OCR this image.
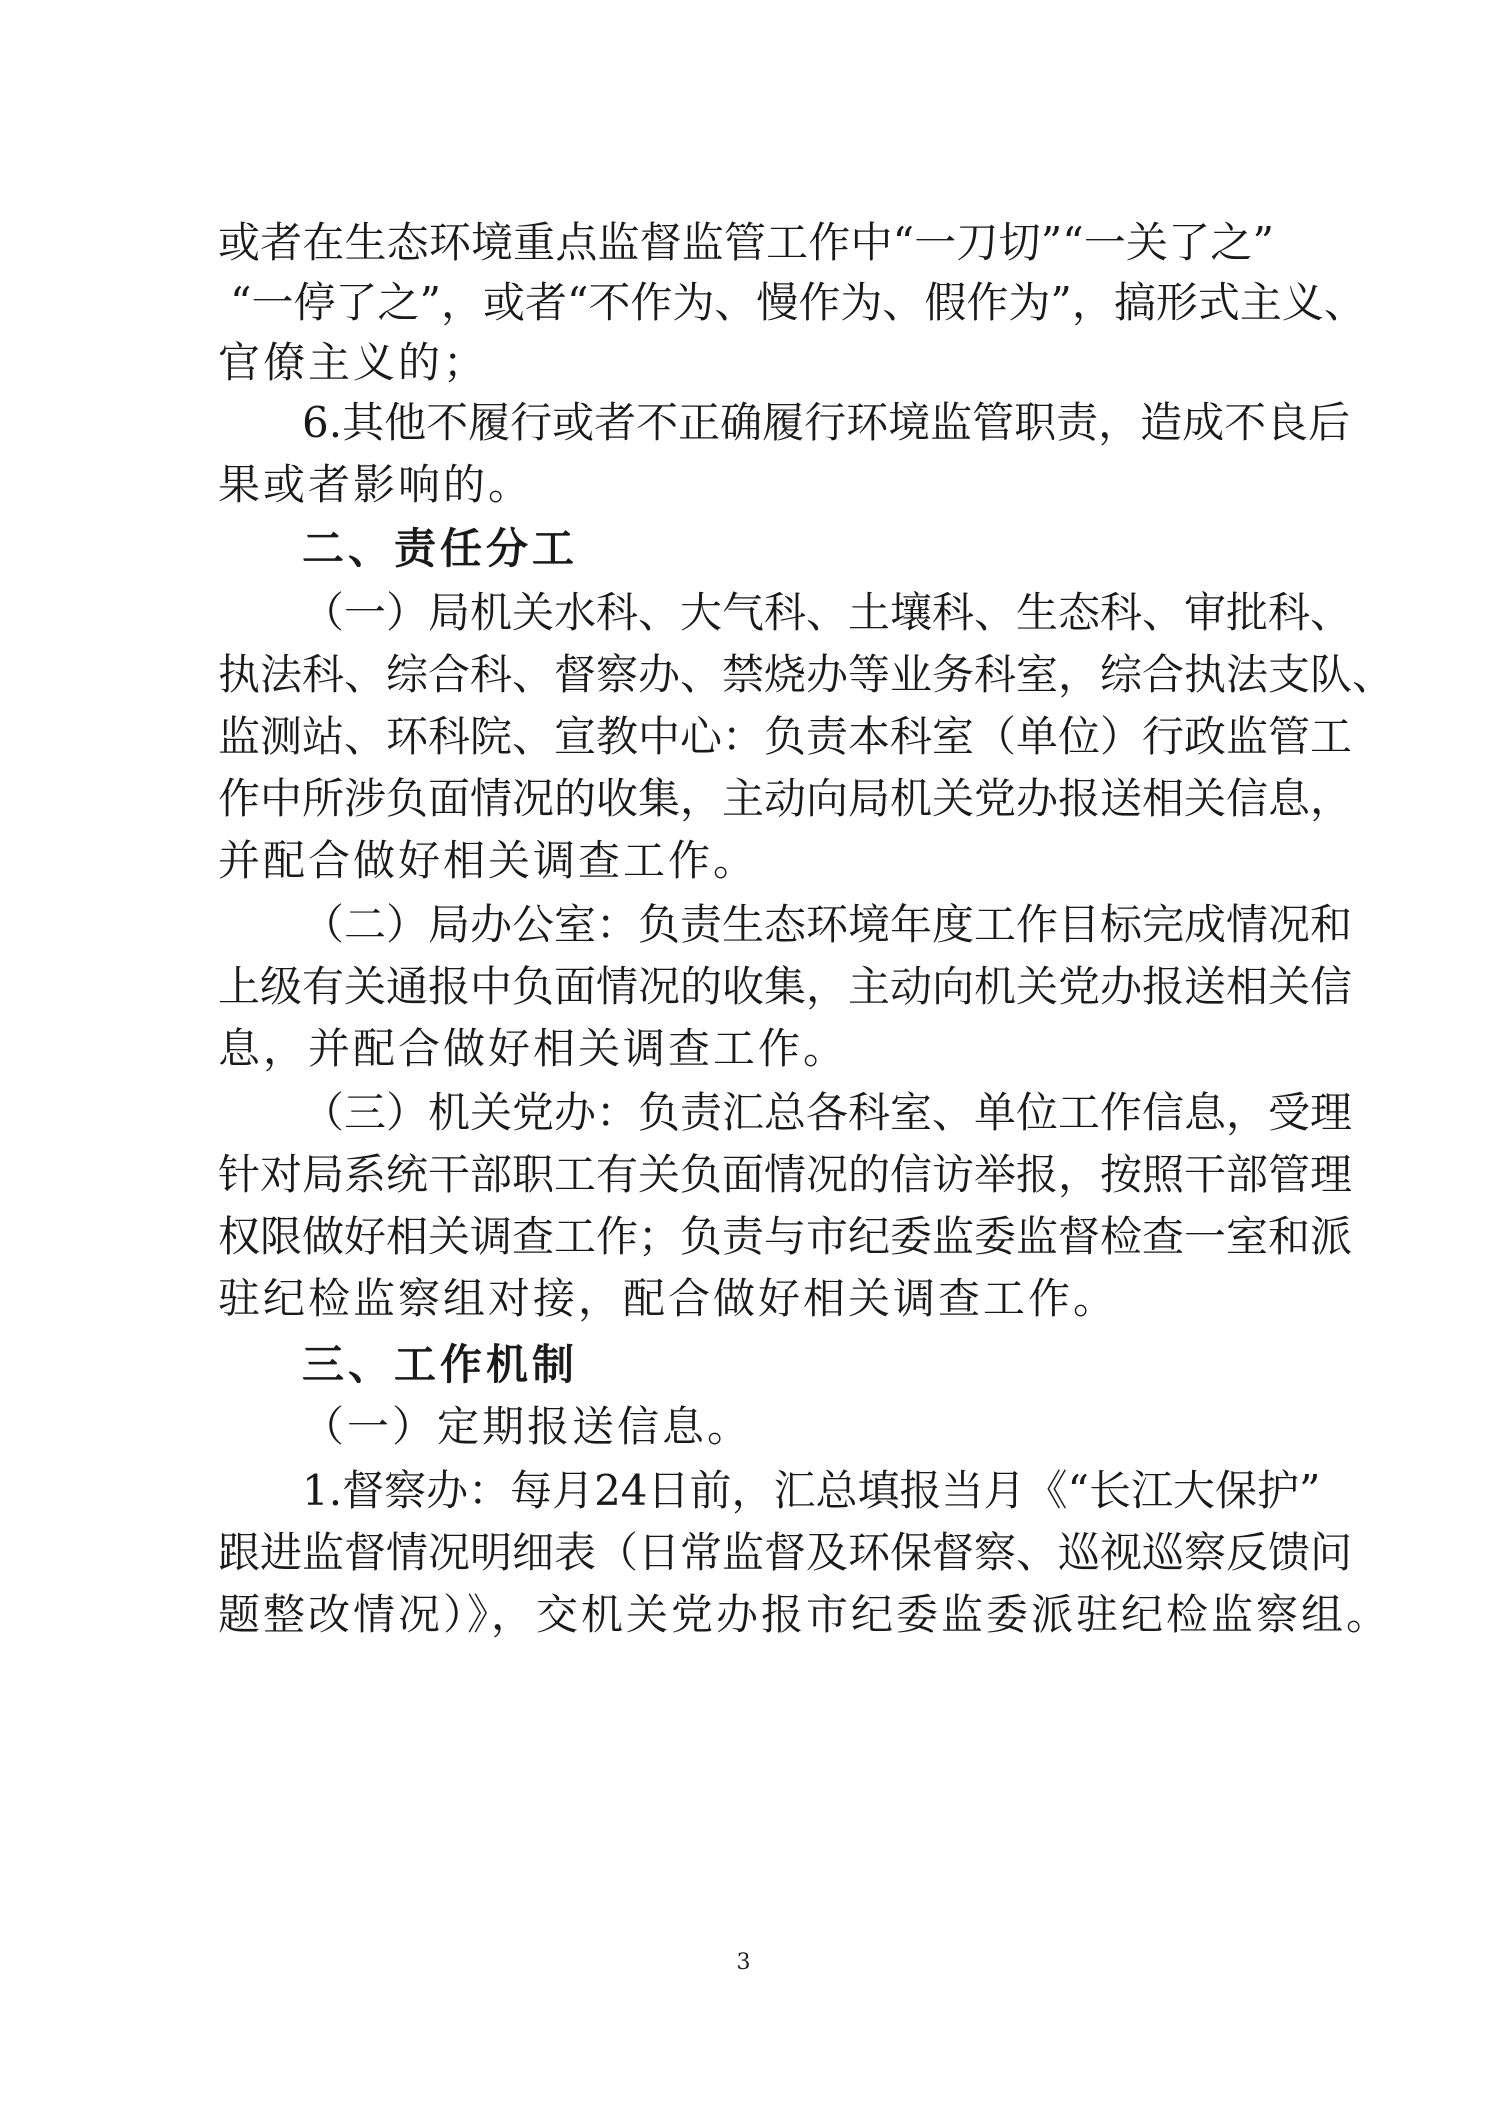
或者在生态环境重点监督监管工作中“一刀切”“一关了之”
“一停了之”，或者“不作为、慢作为、假作为”，搞形式主义、
官僚主义的；
6.其他不履行或者不正确履行环境监管职责，造成不良后
果或者影响的。
二、责任分工
（一）局机关水科、大气科、土壤科、生态科、审批科、
执法科、综合科、督察办、禁烧办等业务科室，综合执法支队、
监测站、环科院、宣教中心：负责本科室（单位）行政监管工
作中所涉负面情况的收集，主动向局机关党办报送相关信息，
并配合做好相关调查工作。
（二）局办公室：负责生态环境年度工作目标完成情况和
上级有关通报中负面情况的收集，主动向机关党办报送相关信
息，并配合做好相关调查工作。
（三）机关党办：负责汇总各科室、单位工作信息，受理
针对局系统干部职工有关负面情况的信访举报，按照干部管理
权限做好相关调查工作；负责与市纪委监委监督检查一室和派
驻纪检监察组对接，配合做好相关调查工作。
三、工作机制
（一）定期报送信息。
1.督察办：每月24日前，汇总填报当月《“长江大保护”
跟进监督情况明细表（日常监督及环保督察、巡视巡察反馈问
题整改情况）》，交机关党办报市纪委监委派驻纪检监察组。
3
